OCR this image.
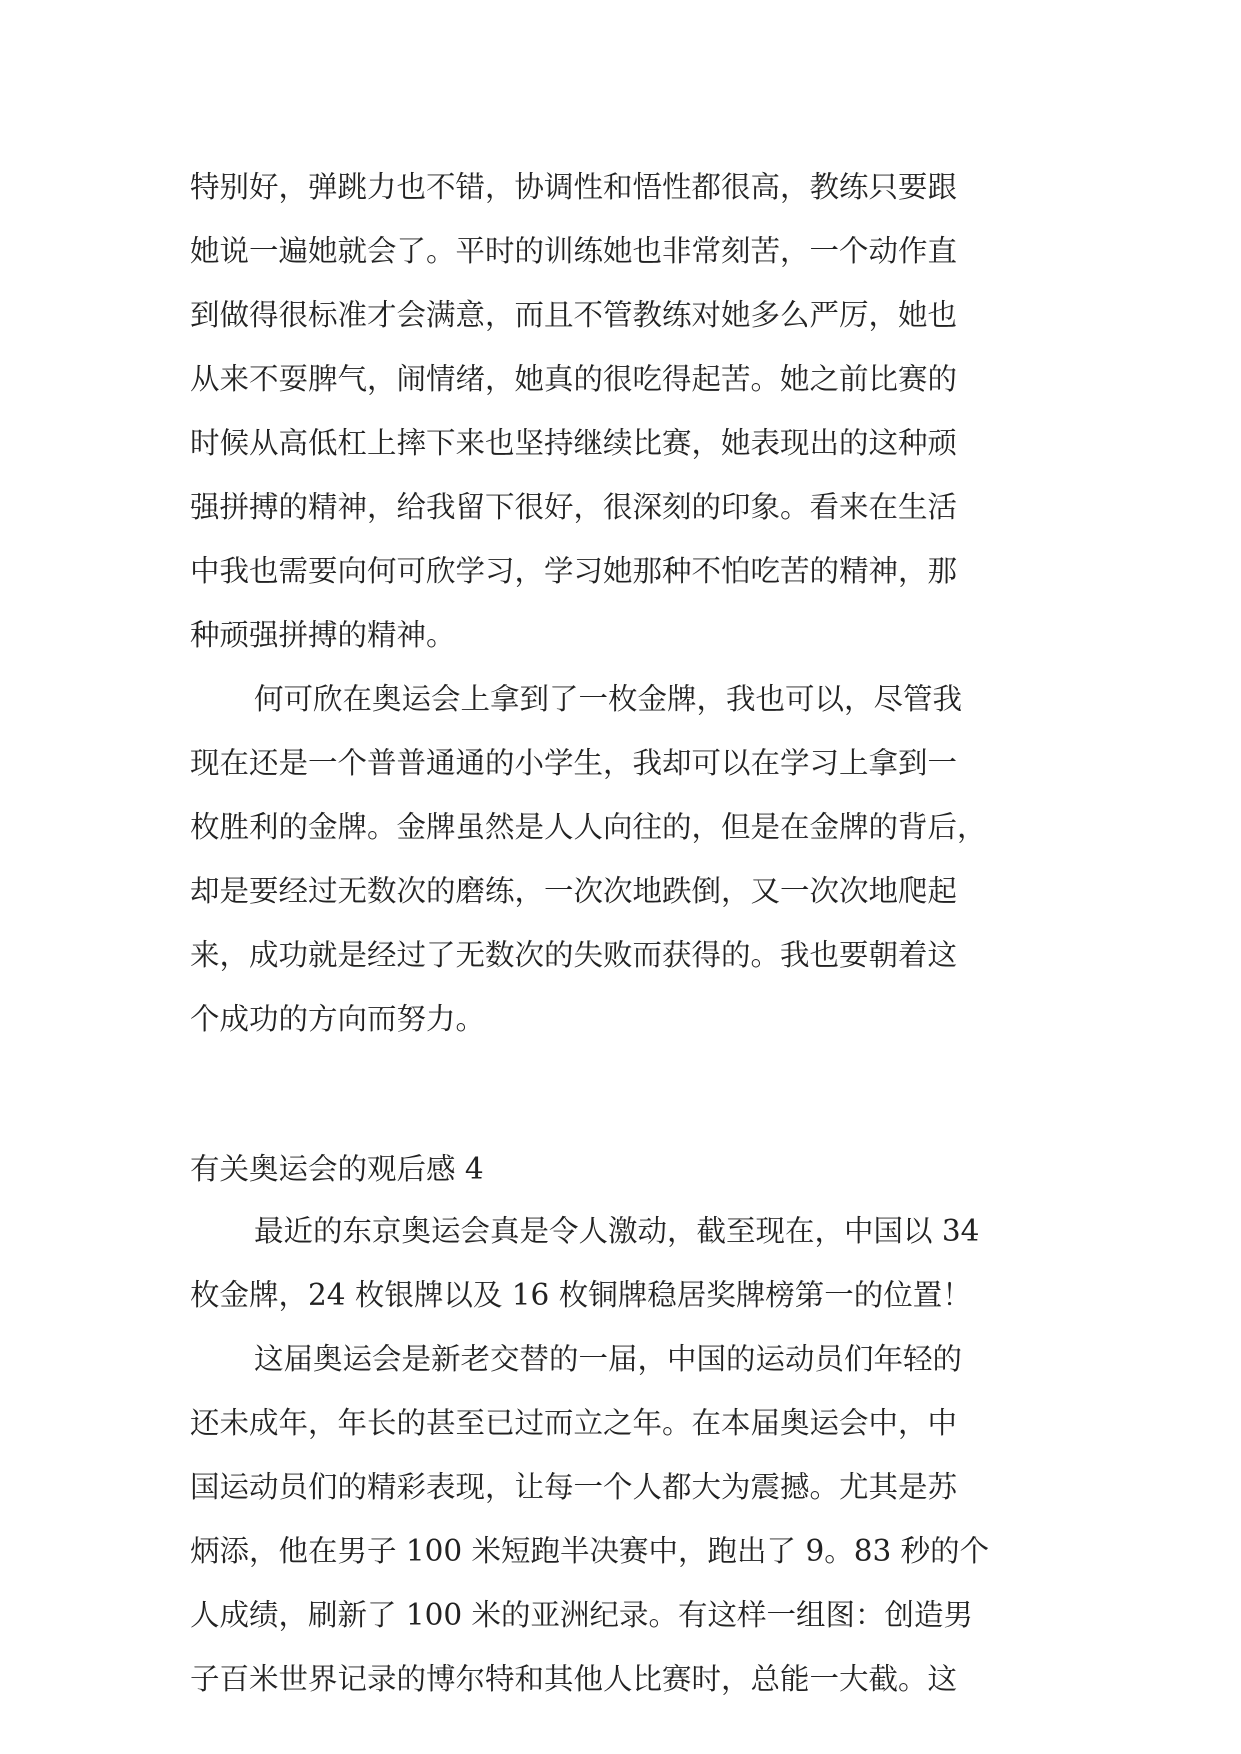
特别好，弹跳力也不错，协调性和悟性都很高，教练只要跟
她说一遍她就会了。平时的训练她也非常刻苦，一个动作直
到做得很标准才会满意，而且不管教练对她多么严厉，她也
从来不耍脾气，闹情绪，她真的很吃得起苦。她之前比赛的
时候从高低杠上摔下来也坚持继续比赛，她表现出的这种顽
强拼搏的精神，给我留下很好，很深刻的印象。看来在生活
中我也需要向何可欣学习，学习她那种不怕吃苦的精神，那
种顽强拼搏的精神。
何可欣在奥运会上拿到了一枚金牌，我也可以，尽管我
现在还是一个普普通通的小学生，我却可以在学习上拿到一
枚胜利的金牌。金牌虽然是人人向往的，但是在金牌的背后，
却是要经过无数次的磨练，一次次地跌倒，又一次次地爬起
来，成功就是经过了无数次的失败而获得的。我也要朝着这
个成功的方向而努力。
有关奥运会的观后感 4
最近的东京奥运会真是令人激动，截至现在，中国以 34
枚金牌，24 枚银牌以及 16 枚铜牌稳居奖牌榜第一的位置！
这届奥运会是新老交替的一届，中国的运动员们年轻的
还未成年，年长的甚至已过而立之年。在本届奥运会中，中
国运动员们的精彩表现，让每一个人都大为震撼。尤其是苏
炳添，他在男子 100 米短跑半决赛中，跑出了 9。83 秒的个
人成绩，刷新了 100 米的亚洲纪录。有这样一组图：创造男
子百米世界记录的博尔特和其他人比赛时，总能一大截。这
